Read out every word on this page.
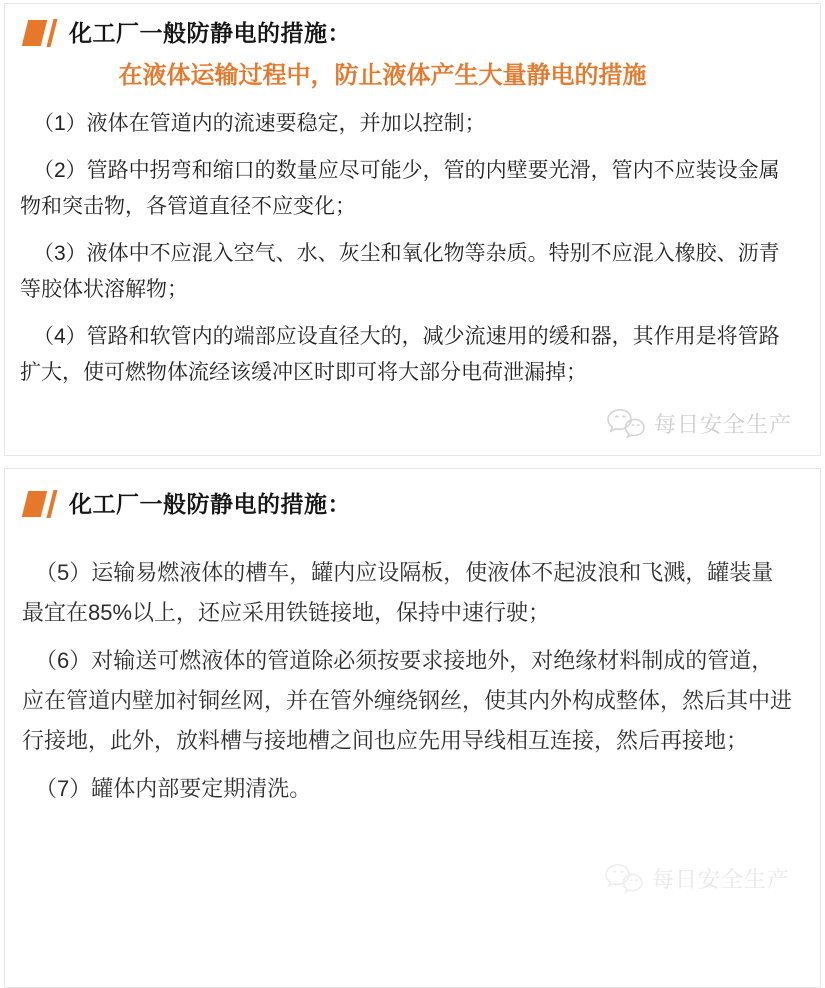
化工厂一般防静电的措施：
在液体运输过程中，防止液体产生大量静电的措施

（1）液体在管道内的流速要稳定，并加以控制；

（2）管路中拐弯和缩口的数量应尽可能少，管的内壁要光滑，管内不应装设金属物和突击物，各管道直径不应变化；

（3）液体中不应混入空气、水、灰尘和氧化物等杂质。特别不应混入橡胶、沥青等胶体状溶解物；

（4）管路和软管内的端部应设直径大的，减少流速用的缓和器，其作用是将管路扩大，使可燃物体流经该缓冲区时即可将大部分电荷泄漏掉；

每日安全生产
化工厂一般防静电的措施：

（5）运输易燃液体的槽车，罐内应设隔板，使液体不起波浪和飞溅，罐装量最宜在85%以上，还应采用铁链接地，保持中速行驶；

（6）对输送可燃液体的管道除必须按要求接地外，对绝缘材料制成的管道，应在管道内壁加衬铜丝网，并在管外缠绕钢丝，使其内外构成整体，然后其中进行接地，此外，放料槽与接地槽之间也应先用导线相互连接，然后再接地；

（7）罐体内部要定期清洗。

每日安全生产
